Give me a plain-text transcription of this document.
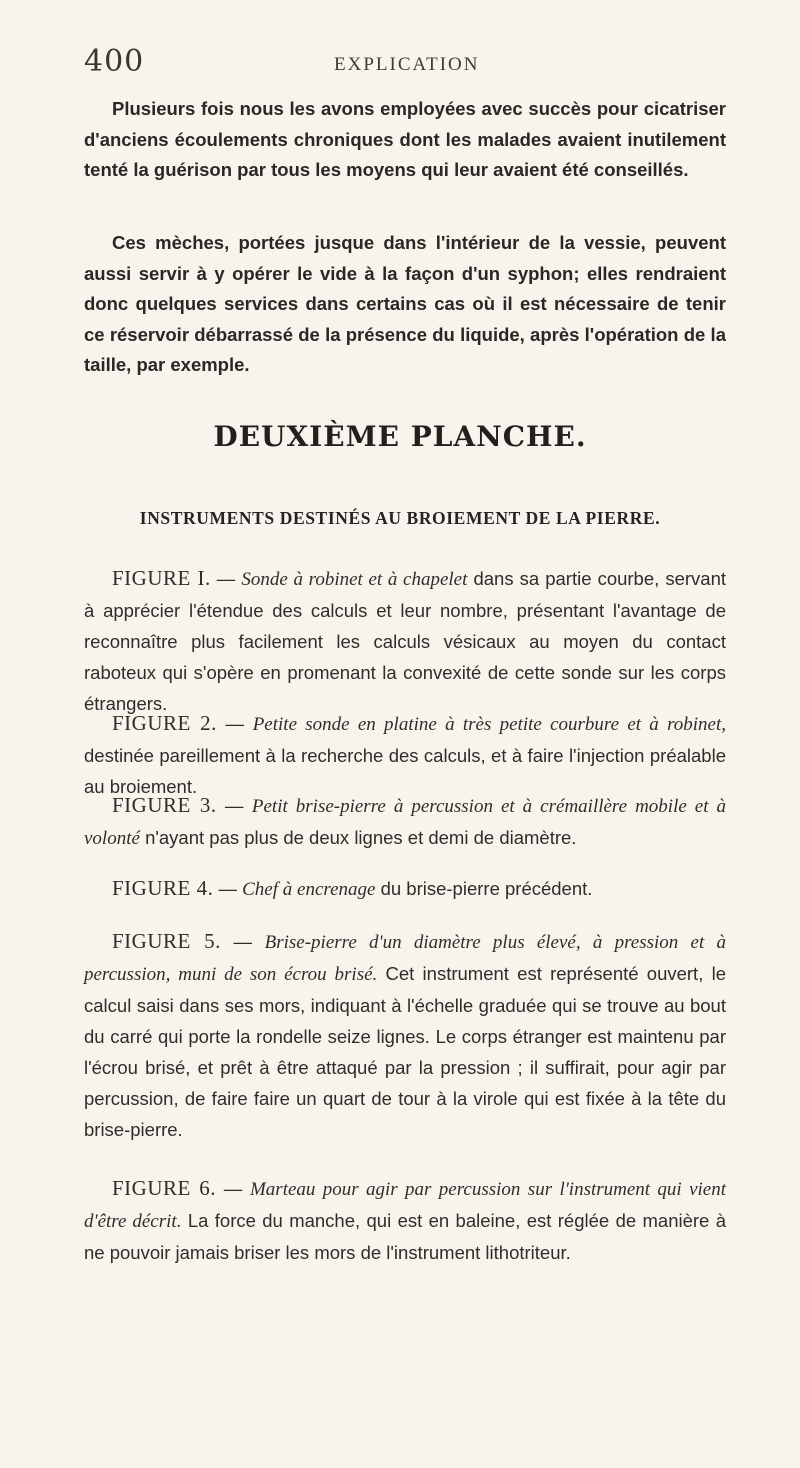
400	EXPLICATION

Plusieurs fois nous les avons employées avec succès pour cicatriser d'anciens écoulements chroniques dont les malades avaient inutilement tenté la guérison par tous les moyens qui leur avaient été conseillés.

Ces mèches, portées jusque dans l'intérieur de la vessie, peuvent aussi servir à y opérer le vide à la façon d'un syphon; elles rendraient donc quelques services dans certains cas où il est nécessaire de tenir ce réservoir débarrassé de la présence du liquide, après l'opération de la taille, par exemple.

DEUXIÈME PLANCHE.
INSTRUMENTS DESTINÉS AU BROIEMENT DE LA PIERRE.

FIGURE I. — Sonde à robinet et à chapelet dans sa partie courbe, servant à apprécier l'étendue des calculs et leur nombre, présentant l'avantage de reconnaître plus facilement les calculs vésicaux au moyen du contact raboteux qui s'opère en promenant la convexité de cette sonde sur les corps étrangers.

FIGURE 2. — Petite sonde en platine à très petite courbure et à robinet, destinée pareillement à la recherche des calculs, et à faire l'injection préalable au broiement.

FIGURE 3. — Petit brise-pierre à percussion et à crémaillère mobile et à volonté n'ayant pas plus de deux lignes et demi de diamètre.

FIGURE 4. — Chef à encrenage du brise-pierre précédent.

FIGURE 5. — Brise-pierre d'un diamètre plus élevé, à pression et à percussion, muni de son écrou brisé. Cet instrument est représenté ouvert, le calcul saisi dans ses mors, indiquant à l'échelle graduée qui se trouve au bout du carré qui porte la rondelle seize lignes. Le corps étranger est maintenu par l'écrou brisé, et prêt à être attaqué par la pression ; il suffirait, pour agir par percussion, de faire faire un quart de tour à la virole qui est fixée à la tête du brise-pierre.

FIGURE 6. — Marteau pour agir par percussion sur l'instrument qui vient d'être décrit. La force du manche, qui est en baleine, est réglée de manière à ne pouvoir jamais briser les mors de l'instrument lithotriteur.
